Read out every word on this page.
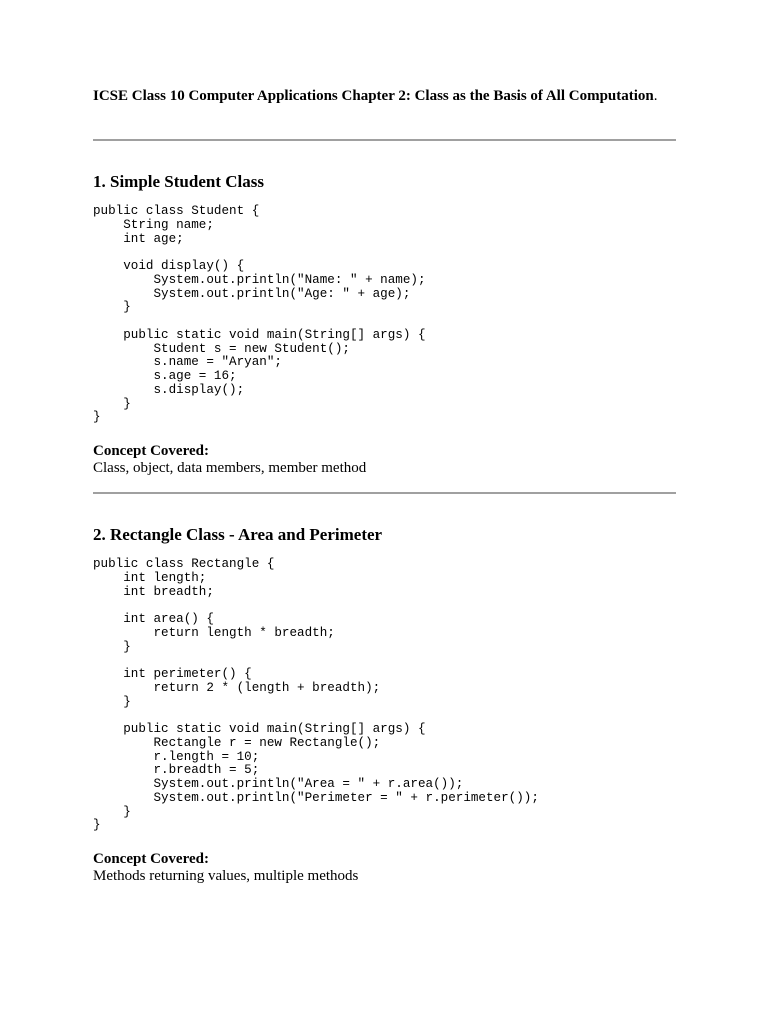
ICSE Class 10 Computer Applications Chapter 2: Class as the Basis of All Computation.

1. Simple Student Class
public class Student {
String name;
int age;

void display() {
System.out.println("Name: " + name);
System.out.println("Age: " + age);
}

public static void main(String[] args) {
Student s = new Student();
s.name = "Aryan";
s.age = 16;
s.display();
}
}

Concept Covered:

Class, object, data members, member method

2. Rectangle Class - Area and Perimeter
public class Rectangle {
int length;
int breadth;

int area() {
return length * breadth;
}

int perimeter() {
return 2 * (length + breadth);
}

public static void main(String[] args) {
Rectangle r = new Rectangle();
r.length = 10;
r.breadth = 5;
System.out.println("Area = " + r.area());
System.out.println("Perimeter = " + r.perimeter());
}
}

Concept Covered:

Methods returning values, multiple methods
